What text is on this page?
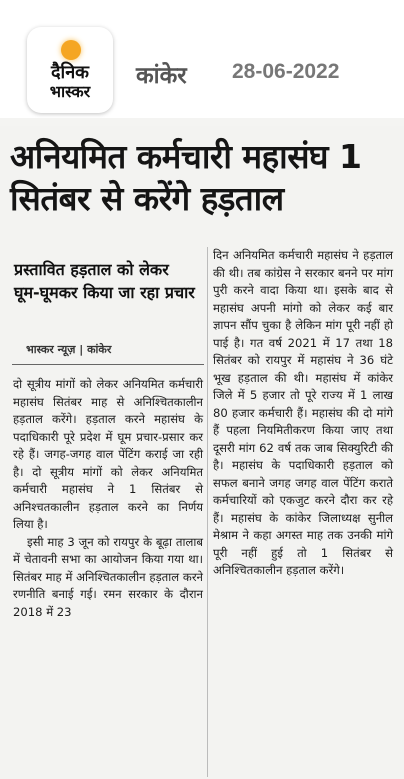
दैनिक
भास्कर
कांकेर 28-06-2022
अनियमित कर्मचारी महासंघ 1 सितंबर से करेंगे हड़ताल
प्रस्तावित हड़ताल को लेकर घूम-घूमकर किया जा रहा प्रचार
भास्कर न्यूज़ | कांकेर

दो सूत्रीय मांगों को लेकर अनियमित कर्मचारी महासंघ सितंबर माह से अनिश्चितकालीन हड़ताल करेंगे। हड़ताल करने महासंघ के पदाधिकारी पूरे प्रदेश में घूम प्रचार-प्रसार कर रहे हैं। जगह-जगह वाल पेंटिंग कराई जा रही है। दो सूत्रीय मांगों को लेकर अनियमित कर्मचारी महासंघ ने 1 सितंबर से अनिश्चतकालीन हड़ताल करने का निर्णय लिया है।

इसी माह 3 जून को रायपुर के बूढ़ा तालाब में चेतावनी सभा का आयोजन किया गया था। सितंबर माह में अनिश्चितकालीन हड़ताल करने रणनीति बनाई गई। रमन सरकार के दौरान 2018 में 23

दिन अनियमित कर्मचारी महासंघ ने हड़ताल की थी। तब कांग्रेस ने सरकार बनने पर मांग पुरी करने वादा किया था। इसके बाद से महासंघ अपनी मांगो को लेकर कई बार ज्ञापन सौंप चुका है लेकिन मांग पूरी नहीं हो पाई है। गत वर्ष 2021 में 17 तथा 18 सितंबर को रायपुर में महासंघ ने 36 घंटे भूख हड़ताल की थी। महासंघ में कांकेर जिले में 5 हजार तो पूरे राज्य में 1 लाख 80 हजार कर्मचारी हैं। महासंघ की दो मांगे हैं पहला नियमितीकरण किया जाए तथा दूसरी मांग 62 वर्ष तक जाब सिक्युरिटी की है। महासंघ के पदाधिकारी हड़ताल को सफल बनाने जगह जगह वाल पेंटिंग कराते कर्मचारियों को एकजुट करने दौरा कर रहे हैं। महासंघ के कांकेर जिलाध्यक्ष सुनील मेश्राम ने कहा अगस्त माह तक उनकी मांगे पूरी नहीं हुई तो 1 सितंबर से अनिश्चितकालीन हड़ताल करेंगे।
